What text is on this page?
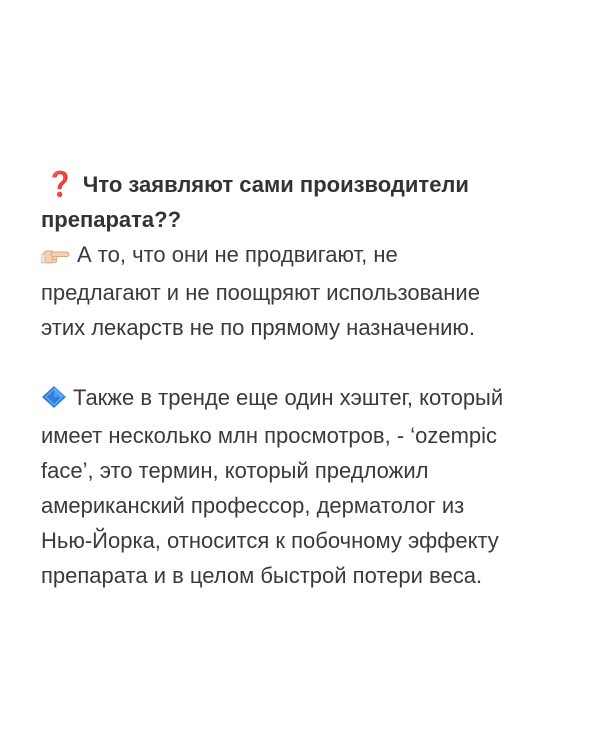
❓ Что заявляют сами производители
препарата??
А то, что они не продвигают, не
предлагают и не поощряют использование
этих лекарств не по прямому назначению.
Также в тренде еще один хэштег, который
имеет несколько млн просмотров, - ‘ozempic
face’, это термин, который предложил
американский профессор, дерматолог из
Нью-Йорка, относится к побочному эффекту
препарата и в целом быстрой потери веса.
